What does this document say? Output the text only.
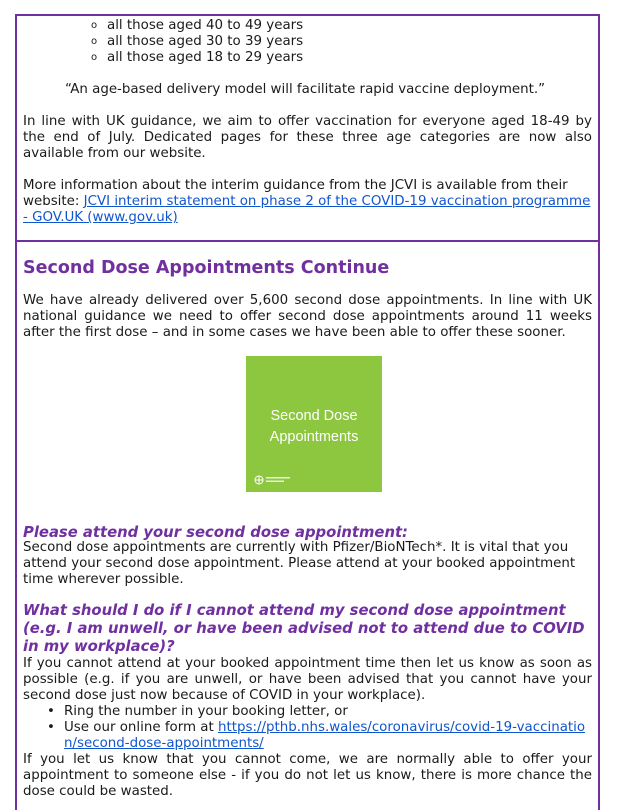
o all those aged 40 to 49 years
o all those aged 30 to 39 years
o all those aged 18 to 29 years

“An age-based delivery model will facilitate rapid vaccine deployment.”

In line with UK guidance, we aim to offer vaccination for everyone aged 18-49 by the end of July. Dedicated pages for these three age categories are now also available from our website.

More information about the interim guidance from the JCVI is available from their website: JCVI interim statement on phase 2 of the COVID-19 vaccination programme - GOV.UK (www.gov.uk)

Second Dose Appointments Continue

We have already delivered over 5,600 second dose appointments. In line with UK national guidance we need to offer second dose appointments around 11 weeks after the first dose – and in some cases we have been able to offer these sooner.

Second Dose
Appointments
Please attend your second dose appointment:

Second dose appointments are currently with Pfizer/BioNTech*. It is vital that you attend your second dose appointment. Please attend at your booked appointment time wherever possible.

What should I do if I cannot attend my second dose appointment (e.g. I am unwell, or have been advised not to attend due to COVID in my workplace)?

If you cannot attend at your booked appointment time then let us know as soon as possible (e.g. if you are unwell, or have been advised that you cannot have your second dose just now because of COVID in your workplace).

• Ring the number in your booking letter, or
• Use our online form at https://pthb.nhs.wales/coronavirus/covid-19-vaccination/second-dose-appointments/

If you let us know that you cannot come, we are normally able to offer your appointment to someone else - if you do not let us know, there is more chance the dose could be wasted.
